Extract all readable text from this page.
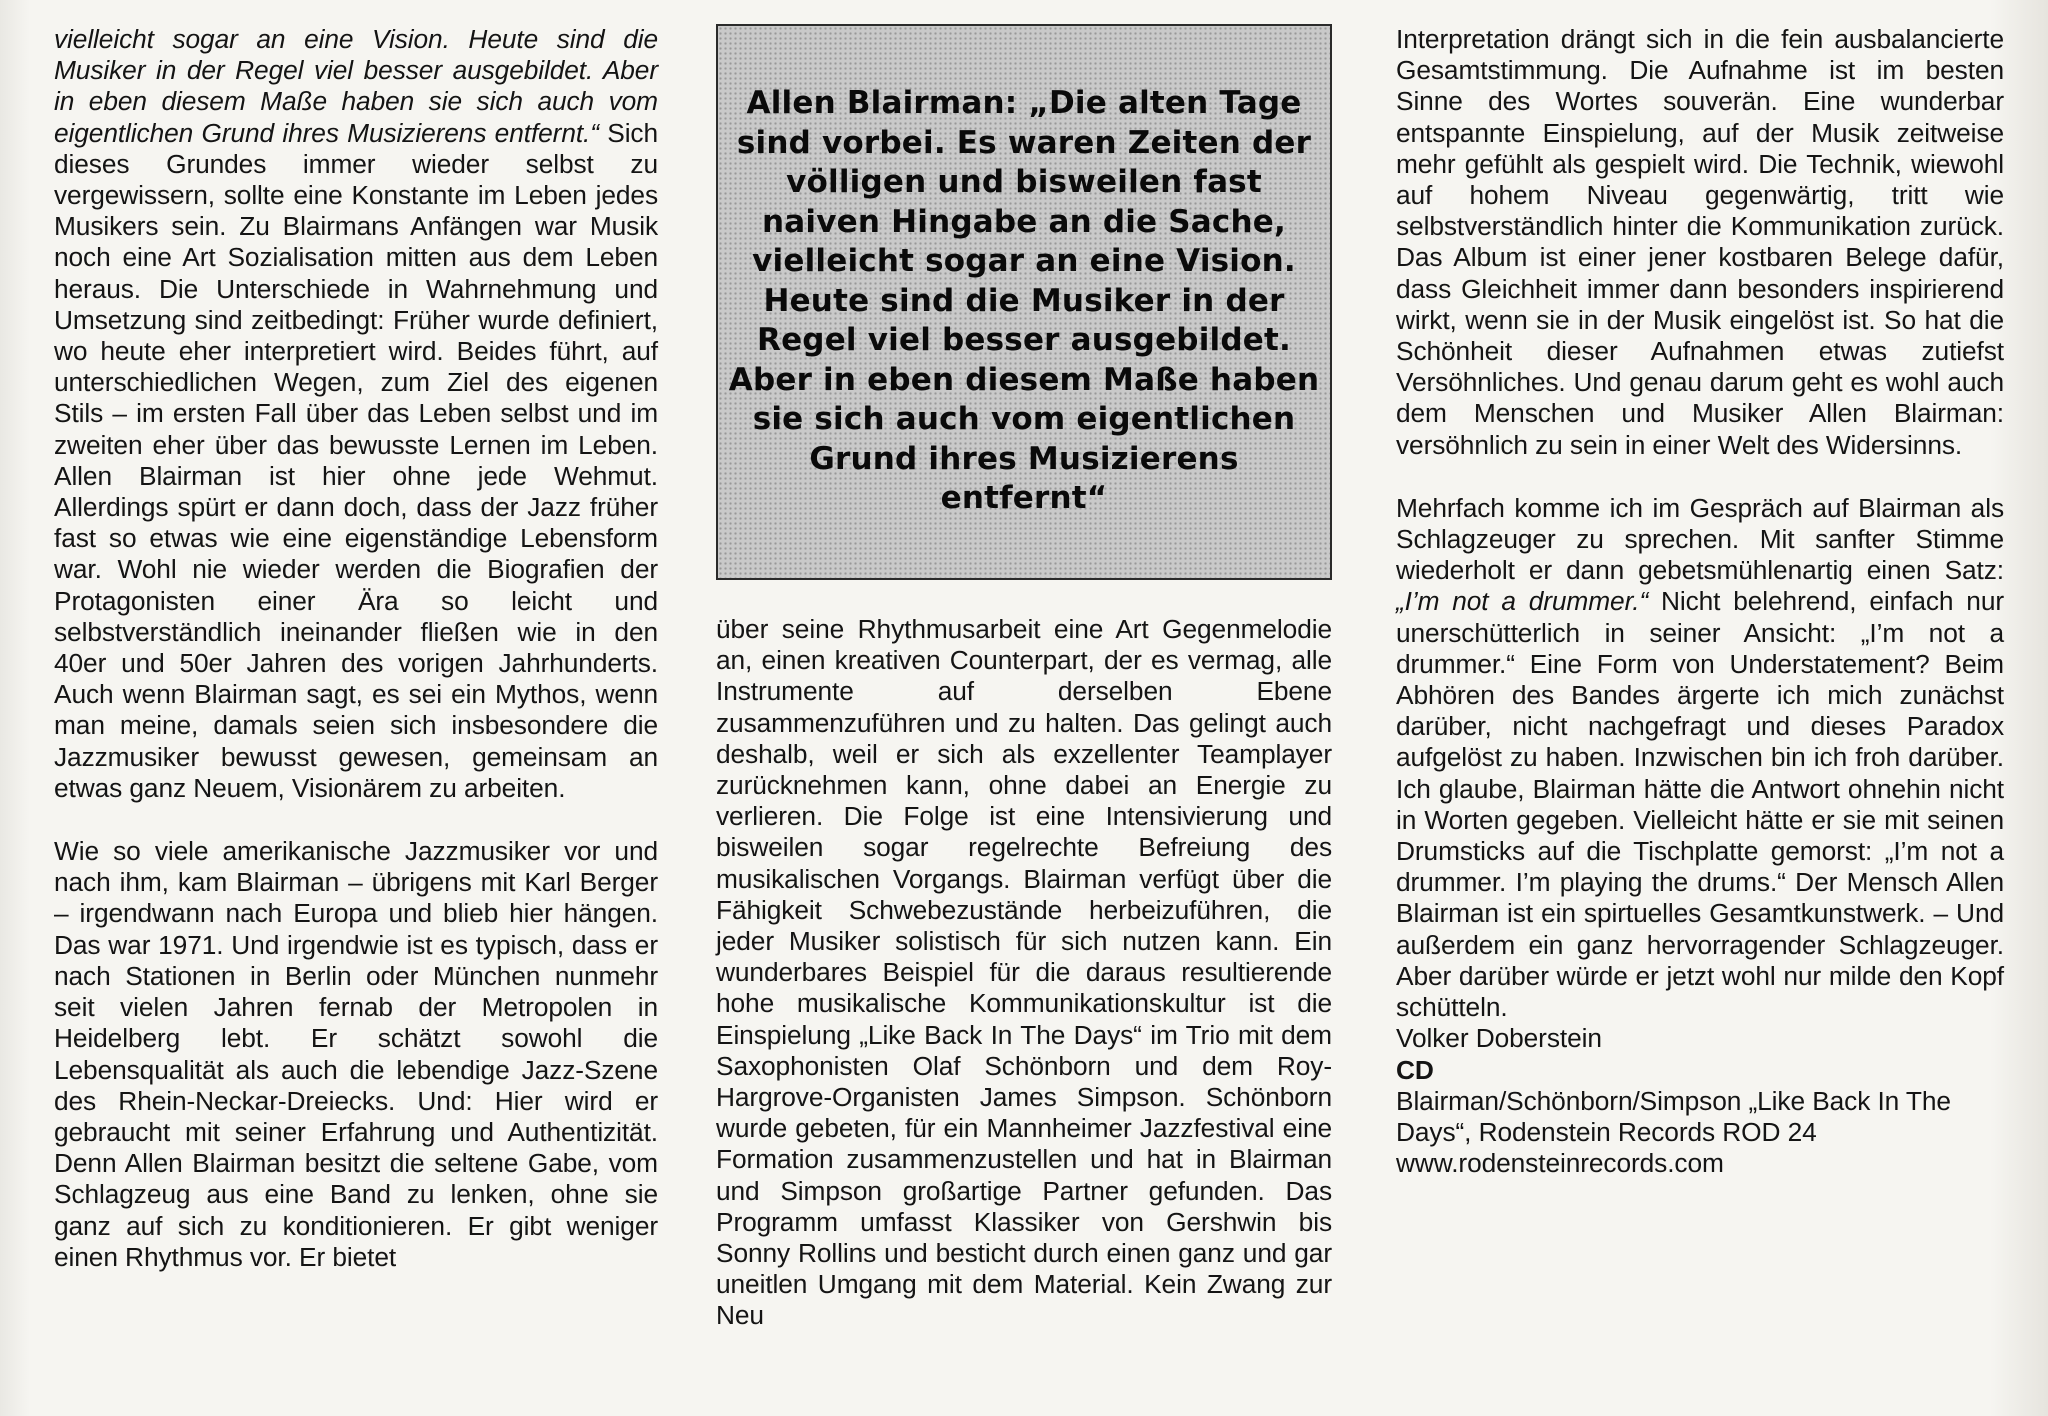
vielleicht sogar an eine Vision. Heute sind die Musiker in der Regel viel besser ausgebildet. Aber in eben diesem Maße haben sie sich auch vom eigentlichen Grund ihres Musizierens entfernt.“ Sich dieses Grundes immer wieder selbst zu vergewissern, sollte eine Konstante im Leben jedes Musikers sein. Zu Blairmans Anfängen war Musik noch eine Art Sozialisation mitten aus dem Leben heraus. Die Unterschiede in Wahrnehmung und Umsetzung sind zeitbedingt: Früher wurde definiert, wo heute eher interpretiert wird. Beides führt, auf unterschiedlichen Wegen, zum Ziel des eigenen Stils – im ersten Fall über das Leben selbst und im zweiten eher über das bewusste Lernen im Leben. Allen Blairman ist hier ohne jede Wehmut. Allerdings spürt er dann doch, dass der Jazz früher fast so etwas wie eine eigenständige Lebensform war. Wohl nie wieder werden die Biografien der Protagonisten einer Ära so leicht und selbstverständlich ineinander fließen wie in den 40er und 50er Jahren des vorigen Jahrhunderts. Auch wenn Blairman sagt, es sei ein Mythos, wenn man meine, damals seien sich insbesondere die Jazzmusiker bewusst gewesen, gemeinsam an etwas ganz Neuem, Visionärem zu arbeiten.

Wie so viele amerikanische Jazzmusiker vor und nach ihm, kam Blairman – übrigens mit Karl Berger – irgendwann nach Europa und blieb hier hängen. Das war 1971. Und irgendwie ist es typisch, dass er nach Stationen in Berlin oder München nunmehr seit vielen Jahren fernab der Metropolen in Heidelberg lebt. Er schätzt sowohl die Lebensqualität als auch die lebendige Jazz-Szene des Rhein-Neckar-Dreiecks. Und: Hier wird er gebraucht mit seiner Erfahrung und Authentizität. Denn Allen Blairman besitzt die seltene Gabe, vom Schlagzeug aus eine Band zu lenken, ohne sie ganz auf sich zu konditionieren. Er gibt weniger einen Rhythmus vor. Er bietet

Allen Blairman: „Die alten Tage sind vorbei. Es waren Zeiten der völligen und bisweilen fast naiven Hingabe an die Sache, vielleicht sogar an eine Vision. Heute sind die Musiker in der Regel viel besser ausgebildet. Aber in eben diesem Maße haben sie sich auch vom eigentlichen Grund ihres Musizierens entfernt“

über seine Rhythmusarbeit eine Art Gegenmelodie an, einen kreativen Counterpart, der es vermag, alle Instrumente auf derselben Ebene zusammenzuführen und zu halten. Das gelingt auch deshalb, weil er sich als exzellenter Teamplayer zurücknehmen kann, ohne dabei an Energie zu verlieren. Die Folge ist eine Intensivierung und bisweilen sogar regelrechte Befreiung des musikalischen Vorgangs. Blairman verfügt über die Fähigkeit Schwebezustände herbeizuführen, die jeder Musiker solistisch für sich nutzen kann. Ein wunderbares Beispiel für die daraus resultierende hohe musikalische Kommunikationskultur ist die Einspielung „Like Back In The Days“ im Trio mit dem Saxophonisten Olaf Schönborn und dem Roy-Hargrove-Organisten James Simpson. Schönborn wurde gebeten, für ein Mannheimer Jazzfestival eine Formation zusammenzustellen und hat in Blairman und Simpson großartige Partner gefunden. Das Programm umfasst Klassiker von Gershwin bis Sonny Rollins und besticht durch einen ganz und gar uneitlen Umgang mit dem Material. Kein Zwang zur Neu

Interpretation drängt sich in die fein ausbalancierte Gesamtstimmung. Die Aufnahme ist im besten Sinne des Wortes souverän. Eine wunderbar entspannte Einspielung, auf der Musik zeitweise mehr gefühlt als gespielt wird. Die Technik, wiewohl auf hohem Niveau gegenwärtig, tritt wie selbstverständlich hinter die Kommunikation zurück. Das Album ist einer jener kostbaren Belege dafür, dass Gleichheit immer dann besonders inspirierend wirkt, wenn sie in der Musik eingelöst ist. So hat die Schönheit dieser Aufnahmen etwas zutiefst Versöhnliches. Und genau darum geht es wohl auch dem Menschen und Musiker Allen Blairman: versöhnlich zu sein in einer Welt des Widersinns.

Mehrfach komme ich im Gespräch auf Blairman als Schlagzeuger zu sprechen. Mit sanfter Stimme wiederholt er dann gebetsmühlenartig einen Satz: „I’m not a drummer.“ Nicht belehrend, einfach nur unerschütterlich in seiner Ansicht: „I’m not a drummer.“ Eine Form von Understatement? Beim Abhören des Bandes ärgerte ich mich zunächst darüber, nicht nachgefragt und dieses Paradox aufgelöst zu haben. Inzwischen bin ich froh darüber. Ich glaube, Blairman hätte die Antwort ohnehin nicht in Worten gegeben. Vielleicht hätte er sie mit seinen Drumsticks auf die Tischplatte gemorst: „I’m not a drummer. I’m playing the drums.“ Der Mensch Allen Blairman ist ein spirtuelles Gesamtkunstwerk. – Und außerdem ein ganz hervorragender Schlagzeuger. Aber darüber würde er jetzt wohl nur milde den Kopf schütteln.

Volker Doberstein

CD

Blairman/Schönborn/Simpson „Like Back In The Days“, Rodenstein Records ROD 24

www.rodensteinrecords.com
